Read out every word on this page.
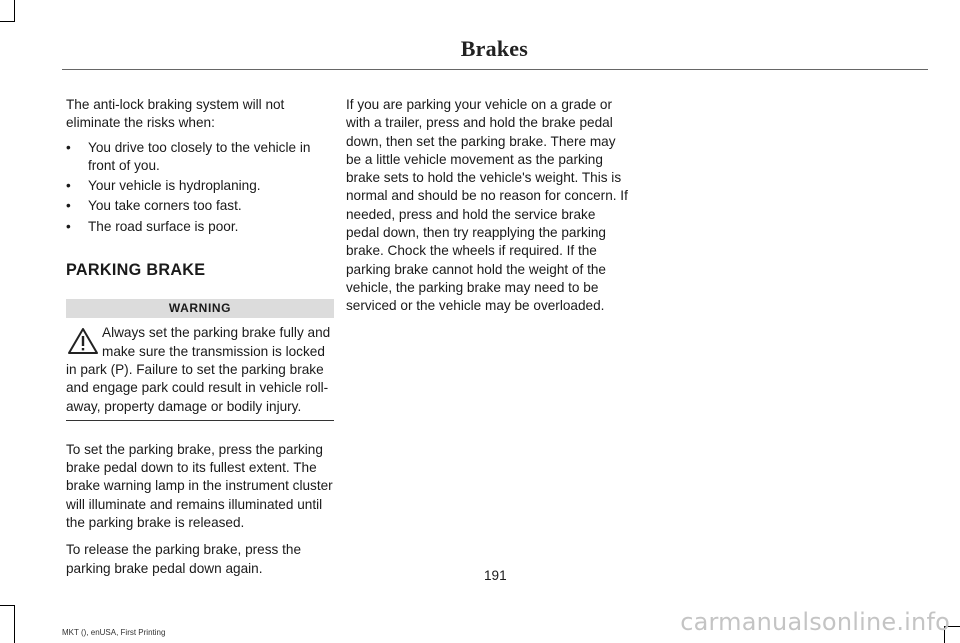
Brakes

The anti-lock braking system will not eliminate the risks when:

• You drive too closely to the vehicle in front of you.
• Your vehicle is hydroplaning.
• You take corners too fast.
• The road surface is poor.
PARKING BRAKE
WARNING

Always set the parking brake fully and make sure the transmission is locked in park (P). Failure to set the parking brake and engage park could result in vehicle roll-away, property damage or bodily injury.

To set the parking brake, press the parking brake pedal down to its fullest extent. The brake warning lamp in the instrument cluster will illuminate and remains illuminated until the parking brake is released.

To release the parking brake, press the parking brake pedal down again.

If you are parking your vehicle on a grade or with a trailer, press and hold the brake pedal down, then set the parking brake. There may be a little vehicle movement as the parking brake sets to hold the vehicle's weight. This is normal and should be no reason for concern. If needed, press and hold the service brake pedal down, then try reapplying the parking brake. Chock the wheels if required. If the parking brake cannot hold the weight of the vehicle, the parking brake may need to be serviced or the vehicle may be overloaded.

191
MKT (), enUSA, First Printing	carmanualsonline.info
